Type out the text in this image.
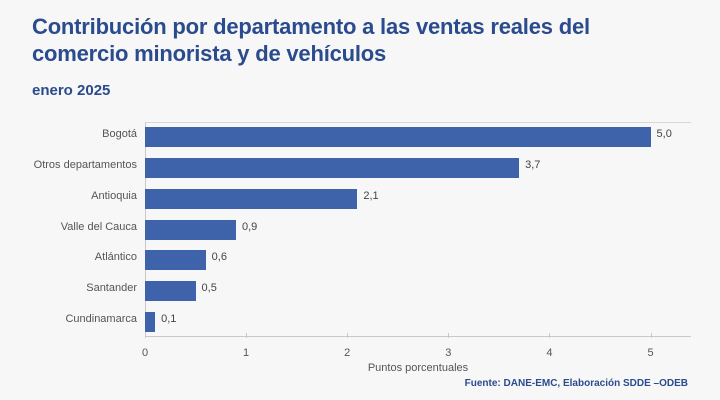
Contribución por departamento a las ventas reales del comercio minorista y de vehículos
enero 2025
0	1	2	3	4	5
Bogotá	5,0
Otros departamentos	3,7
Antioquia	2,1
Valle del Cauca	0,9
Atlántico	0,6
Santander	0,5
Cundinamarca 0,1
Puntos porcentuales
Fuente: DANE-EMC, Elaboración SDDE –ODEB
